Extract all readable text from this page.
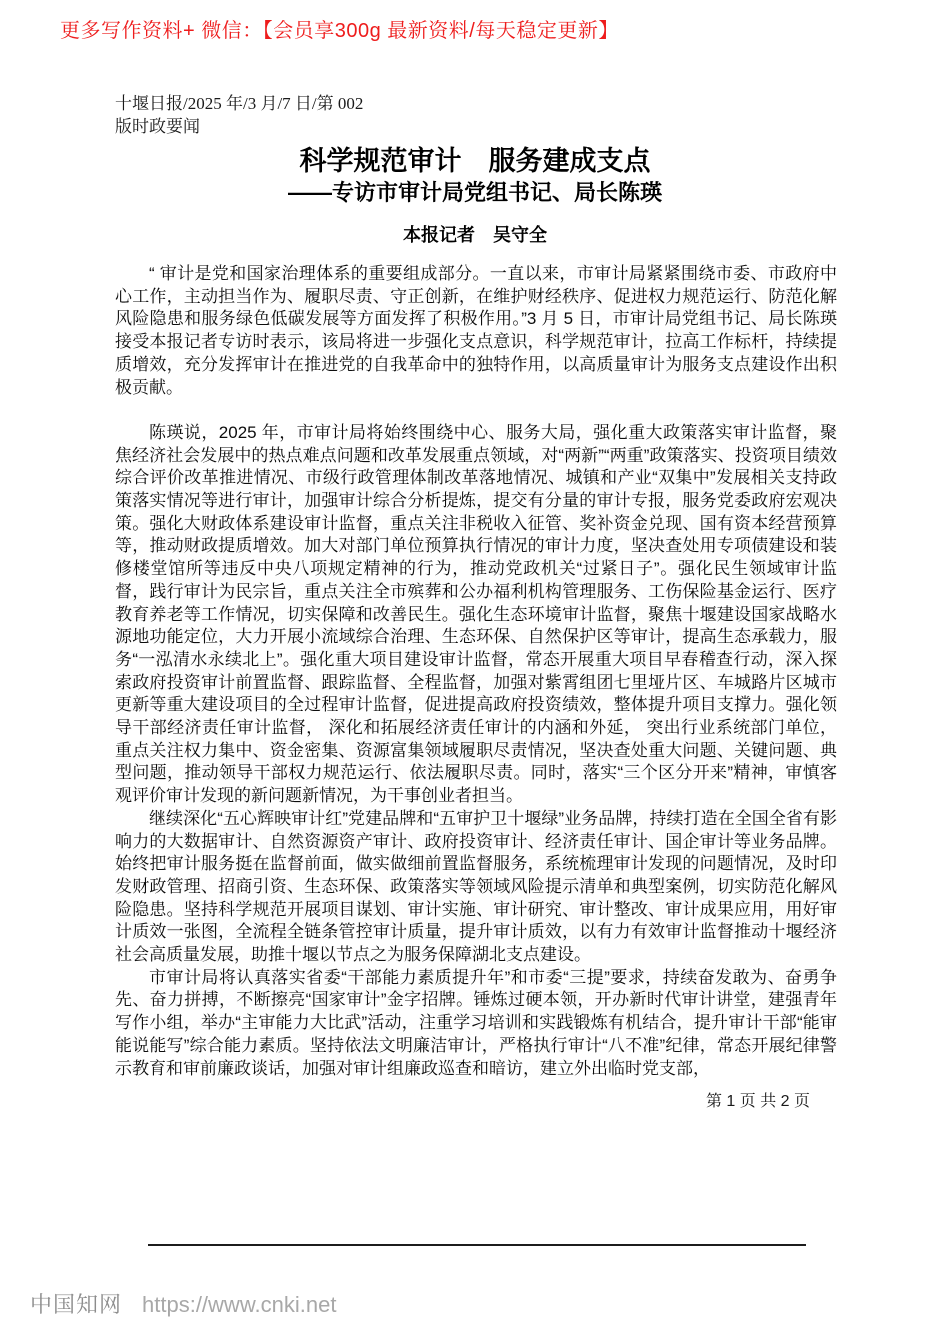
更多写作资料+ 微信：【会员享300g 最新资料/每天稳定更新】
十堰日报/2025 年/3 月/7 日/第 002
版时政要闻
科学规范审计　服务建成支点
——专访市审计局党组书记、局长陈瑛
本报记者　吴守全

“ 审计是党和国家治理体系的重要组成部分。一直以来，市审计局紧紧围绕市委、市政府中心工作，主动担当作为、履职尽责、守正创新，在维护财经秩序、促进权力规范运行、防范化解风险隐患和服务绿色低碳发展等方面发挥了积极作用。”3 月 5 日，市审计局党组书记、局长陈瑛接受本报记者专访时表示，该局将进一步强化支点意识，科学规范审计，拉高工作标杆，持续提质增效，充分发挥审计在推进党的自我革命中的独特作用，以高质量审计为服务支点建设作出积极贡献。

陈瑛说，2025 年，市审计局将始终围绕中心、服务大局，强化重大政策落实审计监督，聚焦经济社会发展中的热点难点问题和改革发展重点领域，对“两新”“两重”政策落实、投资项目绩效综合评价改革推进情况、市级行政管理体制改革落地情况、城镇和产业“双集中”发展相关支持政策落实情况等进行审计，加强审计综合分析提炼，提交有分量的审计专报，服务党委政府宏观决策。强化大财政体系建设审计监督，重点关注非税收入征管、奖补资金兑现、国有资本经营预算等，推动财政提质增效。加大对部门单位预算执行情况的审计力度，坚决查处用专项债建设和装修楼堂馆所等违反中央八项规定精神的行为，推动党政机关“过紧日子”。强化民生领域审计监督，践行审计为民宗旨，重点关注全市殡葬和公办福利机构管理服务、工伤保险基金运行、医疗教育养老等工作情况，切实保障和改善民生。强化生态环境审计监督，聚焦十堰建设国家战略水源地功能定位，大力开展小流域综合治理、生态环保、自然保护区等审计，提高生态承载力，服务“一泓清水永续北上”。强化重大项目建设审计监督，常态开展重大项目早春稽查行动，深入探索政府投资审计前置监督、跟踪监督、全程监督，加强对紫霄组团七里垭片区、车城路片区城市更新等重大建设项目的全过程审计监督，促进提高政府投资绩效，整体提升项目支撑力。强化领导干部经济责任审计监督， 深化和拓展经济责任审计的内涵和外延， 突出行业系统部门单位，重点关注权力集中、资金密集、资源富集领域履职尽责情况，坚决查处重大问题、关键问题、典型问题，推动领导干部权力规范运行、依法履职尽责。同时，落实“三个区分开来”精神，审慎客观评价审计发现的新问题新情况，为干事创业者担当。

继续深化“五心辉映审计红”党建品牌和“五审护卫十堰绿”业务品牌，持续打造在全国全省有影响力的大数据审计、自然资源资产审计、政府投资审计、经济责任审计、国企审计等业务品牌。始终把审计服务挺在监督前面，做实做细前置监督服务，系统梳理审计发现的问题情况，及时印发财政管理、招商引资、生态环保、政策落实等领域风险提示清单和典型案例，切实防范化解风险隐患。坚持科学规范开展项目谋划、审计实施、审计研究、审计整改、审计成果应用，用好审计质效一张图，全流程全链条管控审计质量，提升审计质效，以有力有效审计监督推动十堰经济社会高质量发展，助推十堰以节点之为服务保障湖北支点建设。

市审计局将认真落实省委“干部能力素质提升年”和市委“三提”要求，持续奋发敢为、奋勇争先、奋力拼搏，不断擦亮“国家审计”金字招牌。锤炼过硬本领，开办新时代审计讲堂，建强青年写作小组，举办“主审能力大比武”活动，注重学习培训和实践锻炼有机结合，提升审计干部“能审能说能写”综合能力素质。坚持依法文明廉洁审计，严格执行审计“八不准”纪律，常态开展纪律警示教育和审前廉政谈话，加强对审计组廉政巡查和暗访，建立外出临时党支部，

第 1 页 共 2 页
中国知网 https://www.cnki.net
